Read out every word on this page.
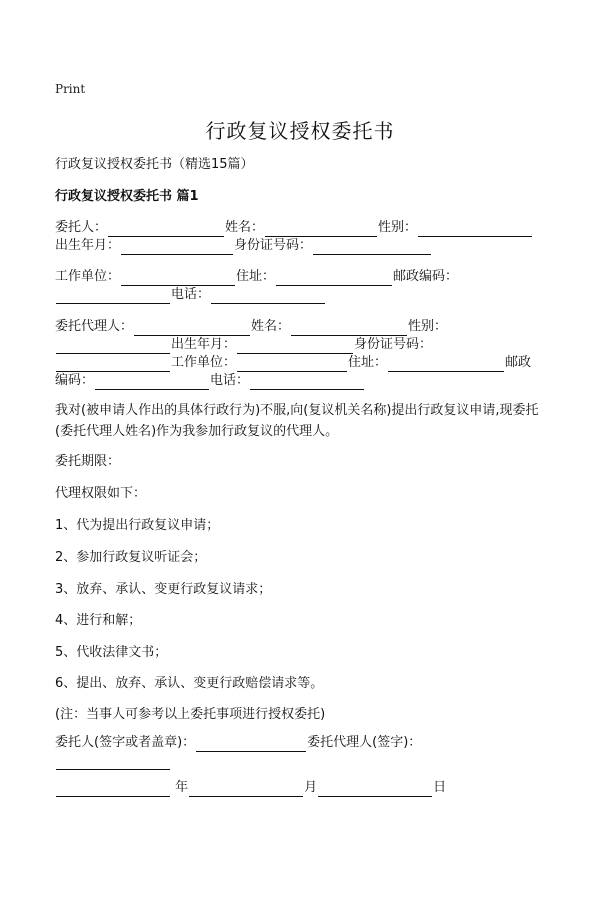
Print
行政复议授权委托书
行政复议授权委托书（精选15篇）
行政复议授权委托书 篇1
委托人：	姓名：	性别：
出生年月：	身份证号码：
工作单位：	住址：	邮政编码：
电话：
委托代理人：	姓名：	性别：
出生年月：	身份证号码：
工作单位：	住址：	邮政
编码：	电话：
我对(被申请人作出的具体行政行为)不服,向(复议机关名称)提出行政复议申请,现委托(委托代理人姓名)作为我参加行政复议的代理人。
委托期限：
代理权限如下：
1、代为提出行政复议申请；
2、参加行政复议听证会；
3、放弃、承认、变更行政复议请求；
4、进行和解；
5、代收法律文书；
6、提出、放弃、承认、变更行政赔偿请求等。
(注：当事人可参考以上委托事项进行授权委托)
委托人(签字或者盖章)：	委托代理人(签字)：
年	月	日
